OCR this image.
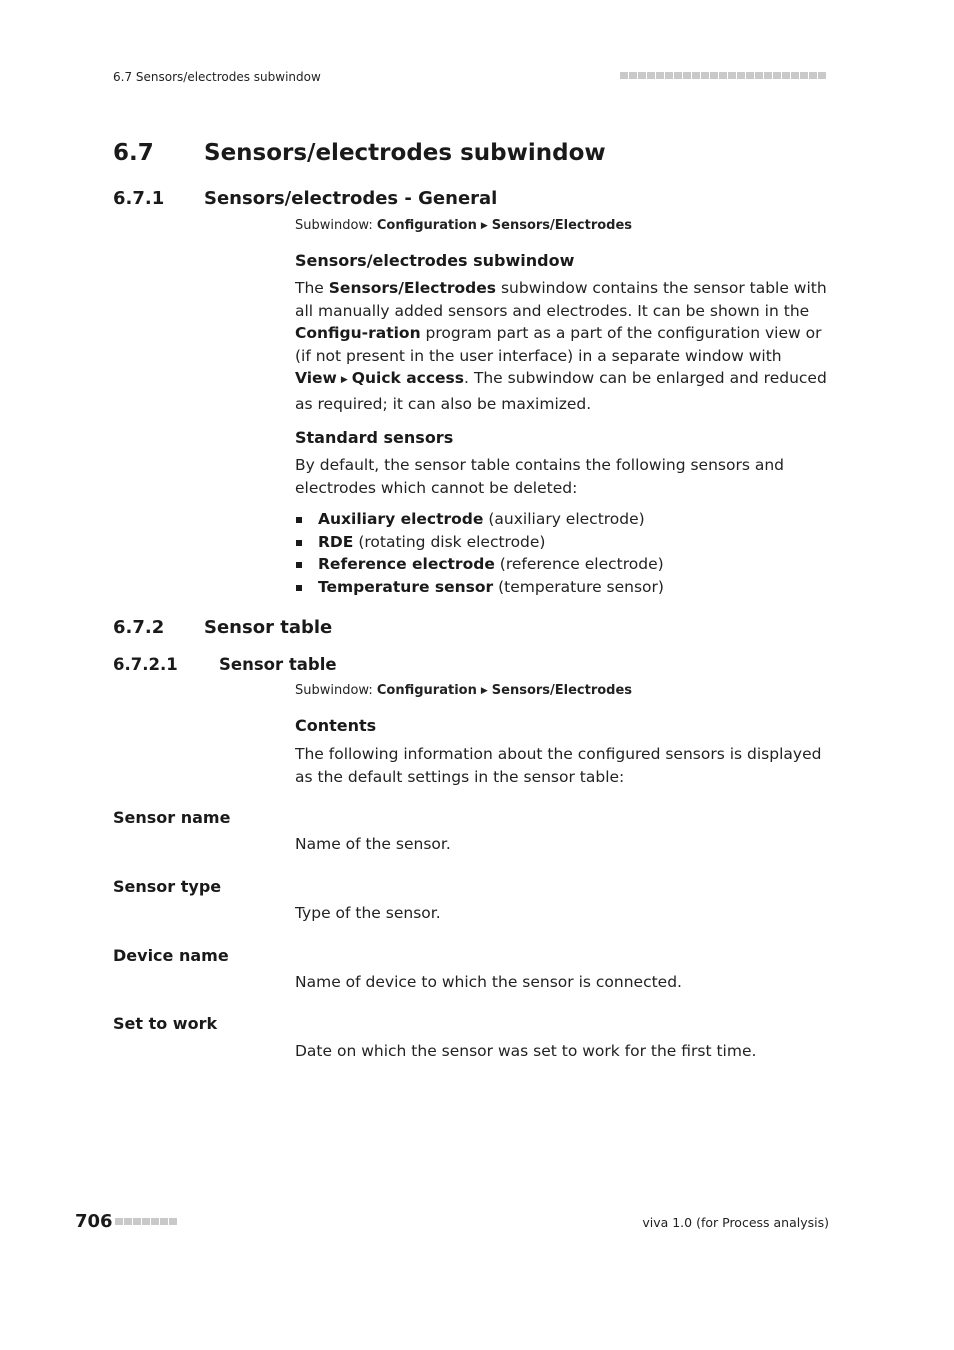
6.7 Sensors/electrodes subwindow
6.7 Sensors/electrodes subwindow
6.7.1 Sensors/electrodes - General
Subwindow: Configuration ▶ Sensors/Electrodes
Sensors/electrodes subwindow
The Sensors/Electrodes subwindow contains the sensor table with all manually added sensors and electrodes. It can be shown in the Configu-ration program part as a part of the configuration view or (if not present in the user interface) in a separate window with View ▶ Quick access. The subwindow can be enlarged and reduced as required; it can also be maximized.
Standard sensors
By default, the sensor table contains the following sensors and electrodes which cannot be deleted:
Auxiliary electrode (auxiliary electrode)
RDE (rotating disk electrode)
Reference electrode (reference electrode)
Temperature sensor (temperature sensor)
6.7.2 Sensor table
6.7.2.1	Sensor table
Subwindow: Configuration ▶ Sensors/Electrodes
Contents
The following information about the configured sensors is displayed as the default settings in the sensor table:
Sensor name
Name of the sensor.
Sensor type
Type of the sensor.
Device name
Name of device to which the sensor is connected.
Set to work
Date on which the sensor was set to work for the first time.
706	viva 1.0 (for Process analysis)
